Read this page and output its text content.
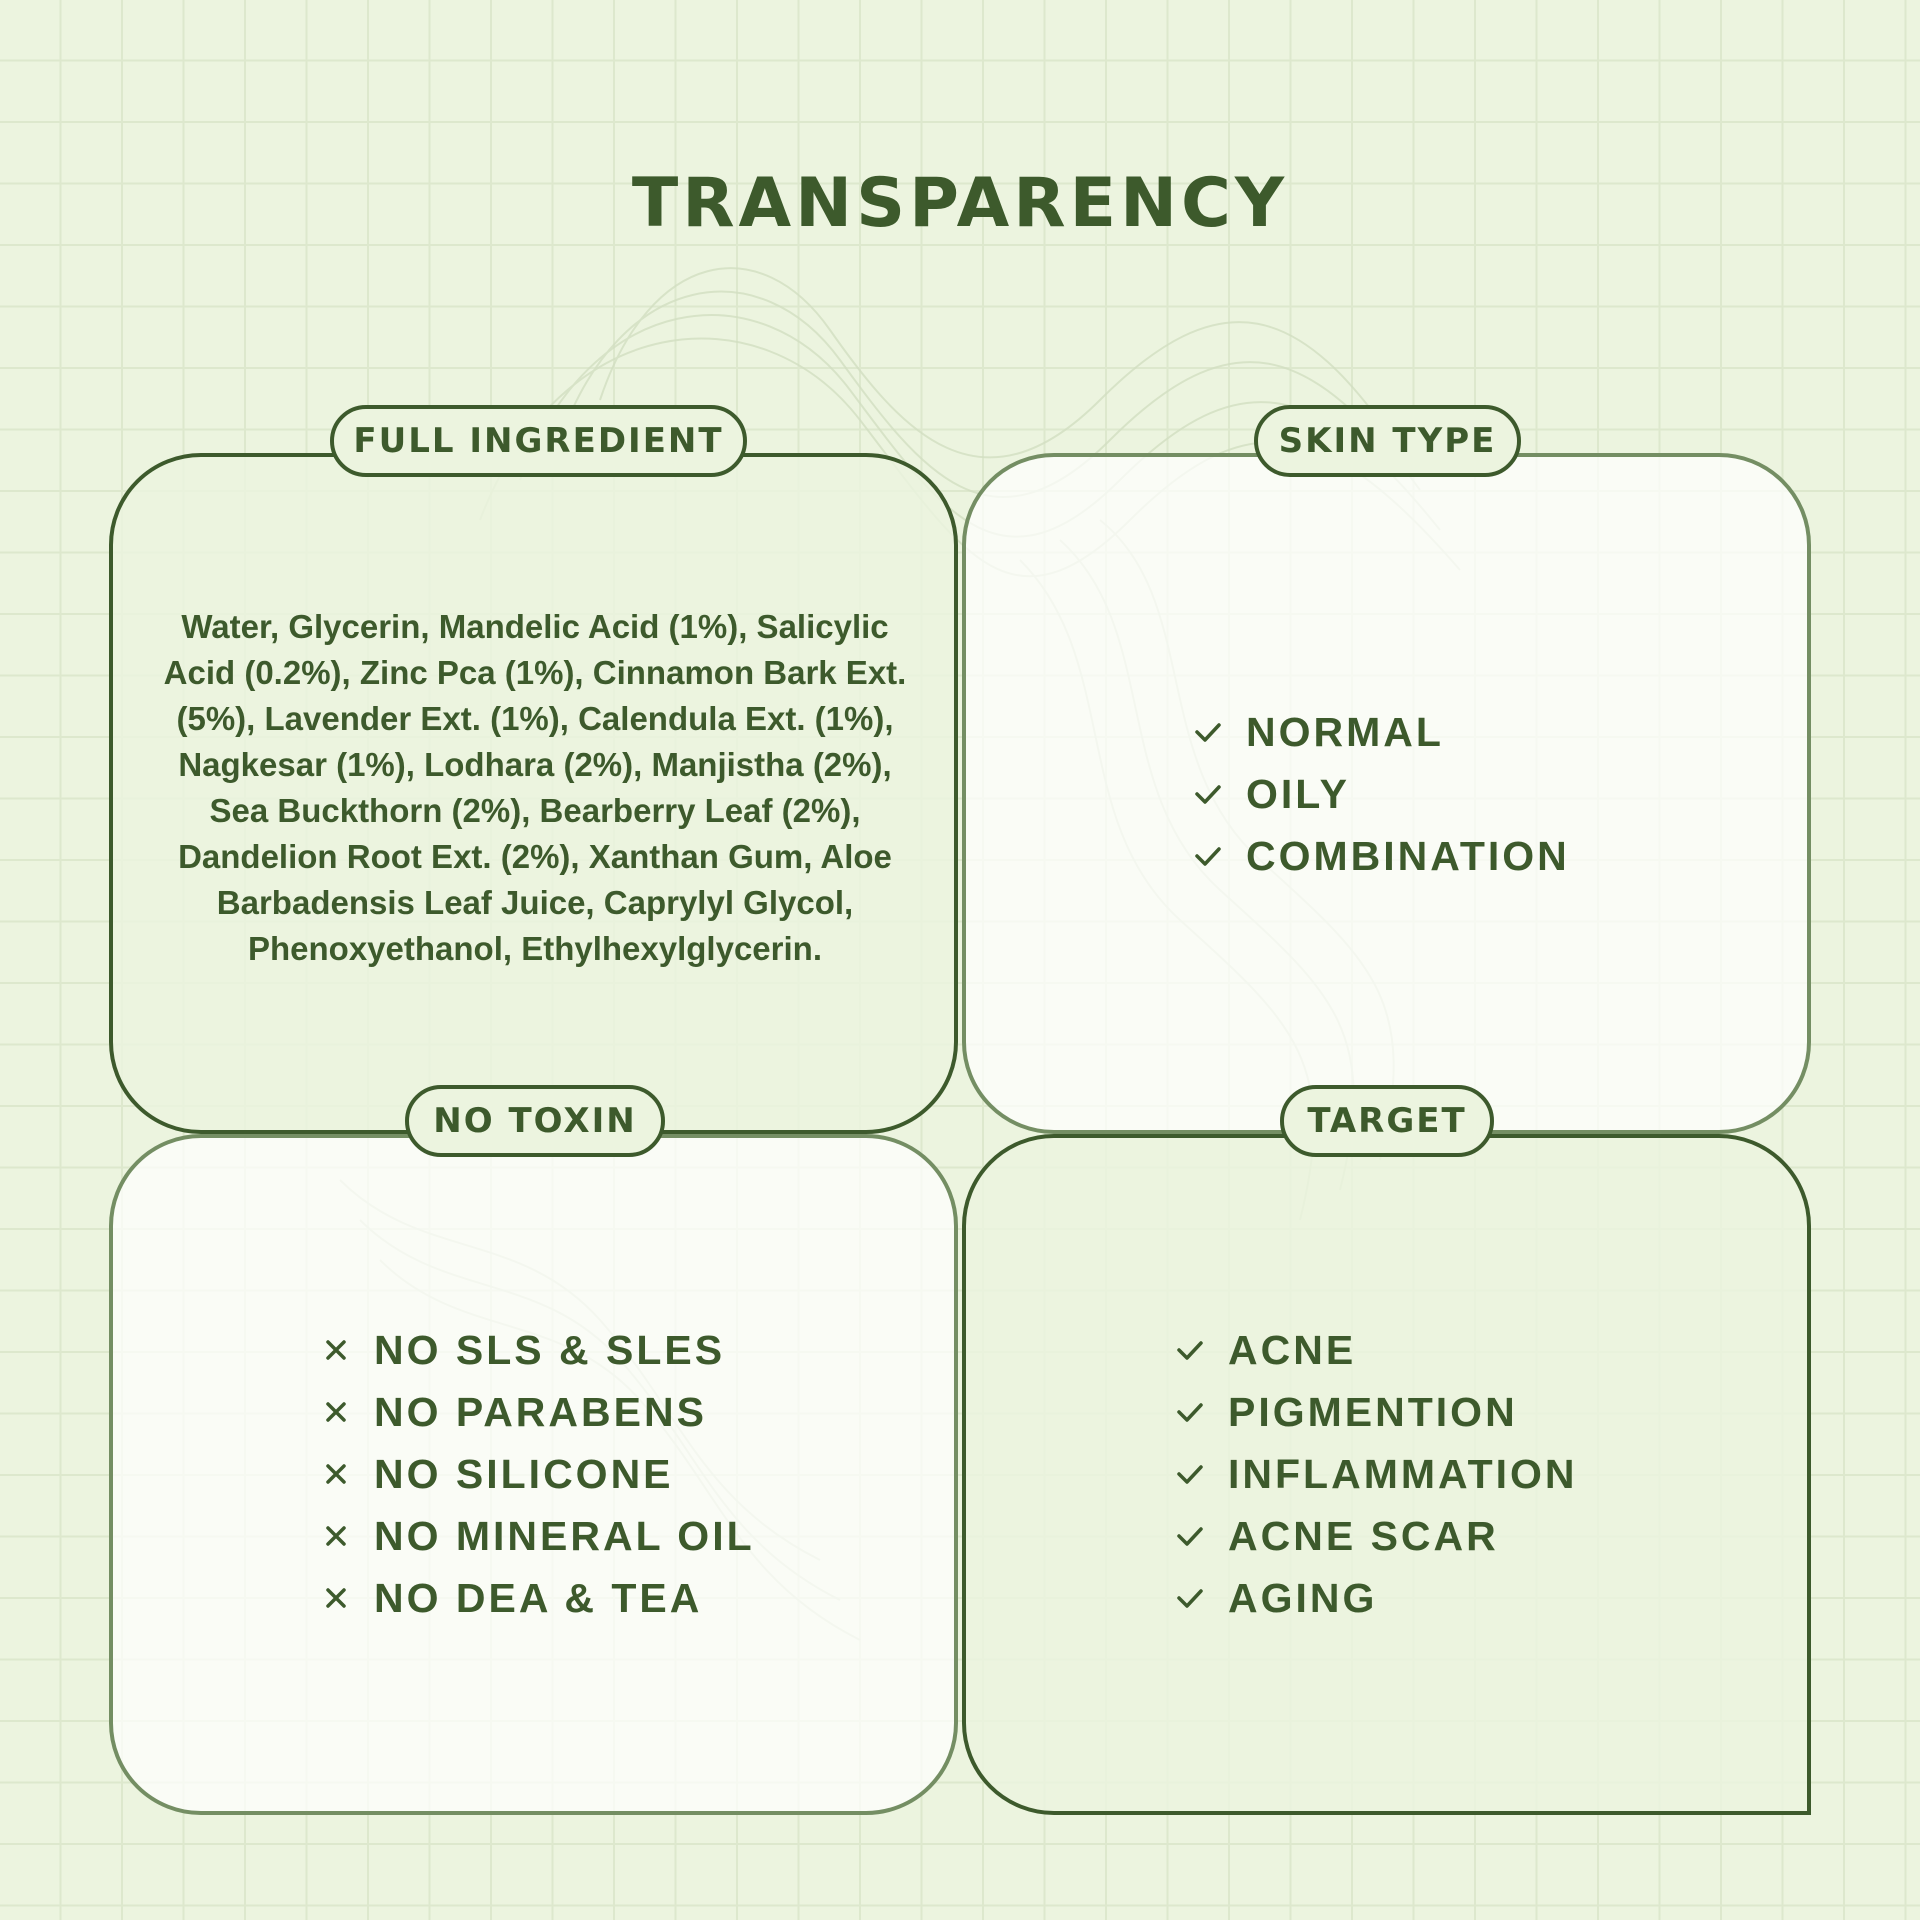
TRANSPARENCY
FULL INGREDIENT	SKIN TYPE
NO TOXIN	TARGET

Water, Glycerin, Mandelic Acid (1%), Salicylic Acid (0.2%), Zinc Pca (1%), Cinnamon Bark Ext. (5%), Lavender Ext. (1%), Calendula Ext. (1%), Nagkesar (1%), Lodhara (2%), Manjistha (2%), Sea Buckthorn (2%), Bearberry Leaf (2%), Dandelion Root Ext. (2%), Xanthan Gum, Aloe Barbadensis Leaf Juice, Caprylyl Glycol, Phenoxyethanol, Ethylhexylglycerin.

NORMAL
OILY
COMBINATION
NO SLS & SLES
NO PARABENS
NO SILICONE
NO MINERAL OIL
NO DEA & TEA
ACNE
PIGMENTION
INFLAMMATION
ACNE SCAR
AGING
